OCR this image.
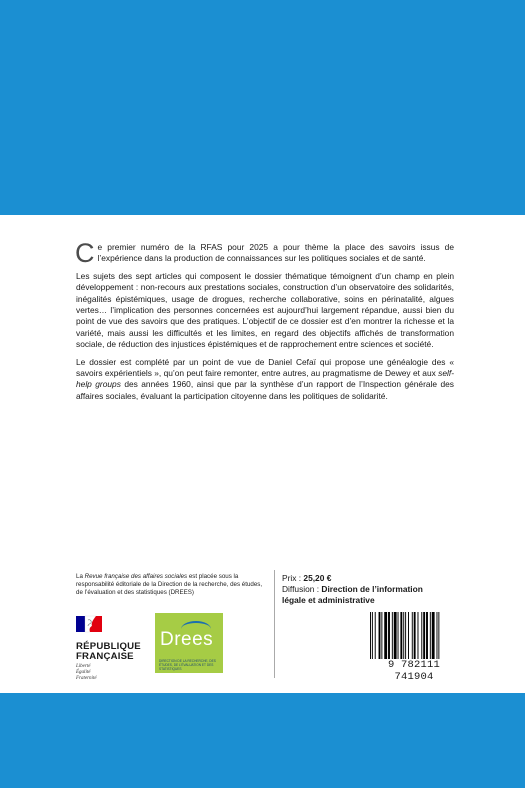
Ce premier numéro de la RFAS pour 2025 a pour thème la place des savoirs issus de l’expérience dans la production de connaissances sur les politiques sociales et de santé.

Les sujets des sept articles qui composent le dossier thématique témoignent d’un champ en plein développement : non-recours aux prestations sociales, construction d’un observatoire des solidarités, inégalités épistémiques, usage de drogues, recherche collaborative, soins en périnatalité, algues vertes… l’implication des personnes concernées est aujourd’hui largement répandue, aussi bien du point de vue des savoirs que des pratiques. L’objectif de ce dossier est d’en montrer la richesse et la variété, mais aussi les difficultés et les limites, en regard des objectifs affichés de transformation sociale, de réduction des injustices épistémiques et de rapprochement entre sciences et société.

Le dossier est complété par un point de vue de Daniel Cefaï qui propose une généalogie des « savoirs expérientiels », qu’on peut faire remonter, entre autres, au pragmatisme de Dewey et aux self-help groups des années 1960, ainsi que par la synthèse d’un rapport de l’Inspection générale des affaires sociales, évaluant la participation citoyenne dans les politiques de solidarité.

La Revue française des affaires sociales est placée sous la responsabilité éditoriale de la Direction de la recherche, des études, de l’évaluation et des statistiques (DREES)
RÉPUBLIQUE
FRANÇAISE
Liberté
Égalité
Fraternité
Drees
DIRECTION DE LA RECHERCHE, DES ÉTUDES, DE L’ÉVALUATION ET DES STATISTIQUES
Prix : 25,20 €
Diffusion : Direction de l’information
légale et administrative
9 782111 741904
